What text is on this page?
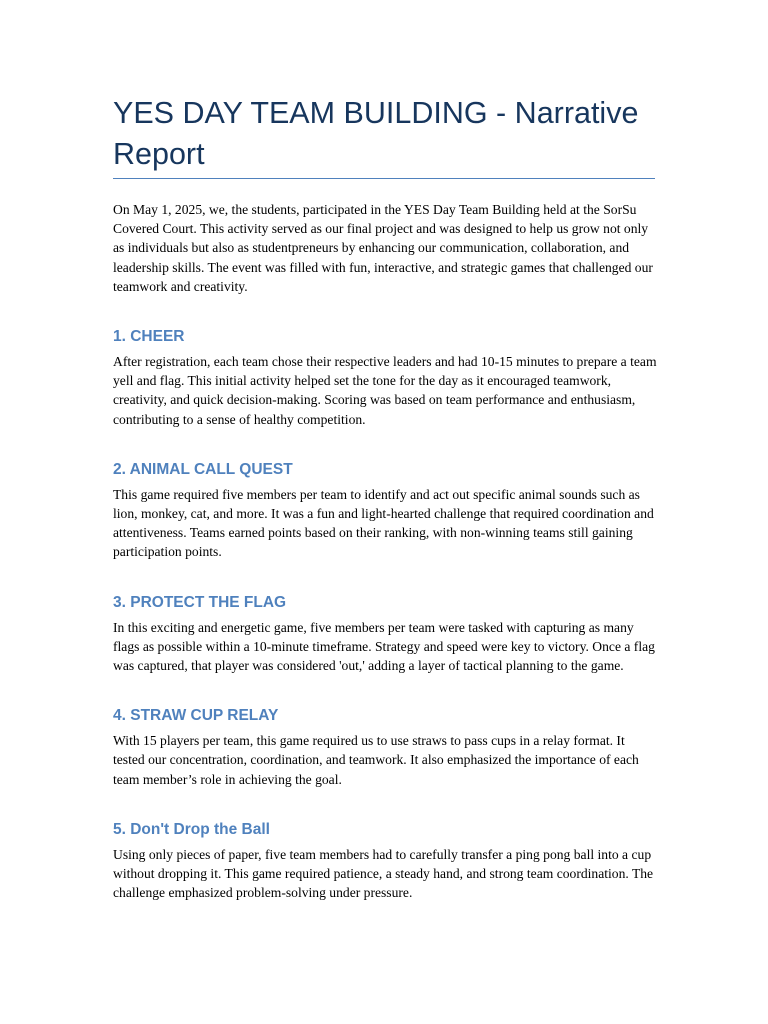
YES DAY TEAM BUILDING - Narrative Report

On May 1, 2025, we, the students, participated in the YES Day Team Building held at the SorSu Covered Court. This activity served as our final project and was designed to help us grow not only as individuals but also as studentpreneurs by enhancing our communication, collaboration, and leadership skills. The event was filled with fun, interactive, and strategic games that challenged our teamwork and creativity.

1. CHEER

After registration, each team chose their respective leaders and had 10-15 minutes to prepare a team yell and flag. This initial activity helped set the tone for the day as it encouraged teamwork, creativity, and quick decision-making. Scoring was based on team performance and enthusiasm, contributing to a sense of healthy competition.

2. ANIMAL CALL QUEST

This game required five members per team to identify and act out specific animal sounds such as lion, monkey, cat, and more. It was a fun and light-hearted challenge that required coordination and attentiveness. Teams earned points based on their ranking, with non-winning teams still gaining participation points.

3. PROTECT THE FLAG

In this exciting and energetic game, five members per team were tasked with capturing as many flags as possible within a 10-minute timeframe. Strategy and speed were key to victory. Once a flag was captured, that player was considered 'out,' adding a layer of tactical planning to the game.

4. STRAW CUP RELAY

With 15 players per team, this game required us to use straws to pass cups in a relay format. It tested our concentration, coordination, and teamwork. It also emphasized the importance of each team member’s role in achieving the goal.

5. Don't Drop the Ball

Using only pieces of paper, five team members had to carefully transfer a ping pong ball into a cup without dropping it. This game required patience, a steady hand, and strong team coordination. The challenge emphasized problem-solving under pressure.
